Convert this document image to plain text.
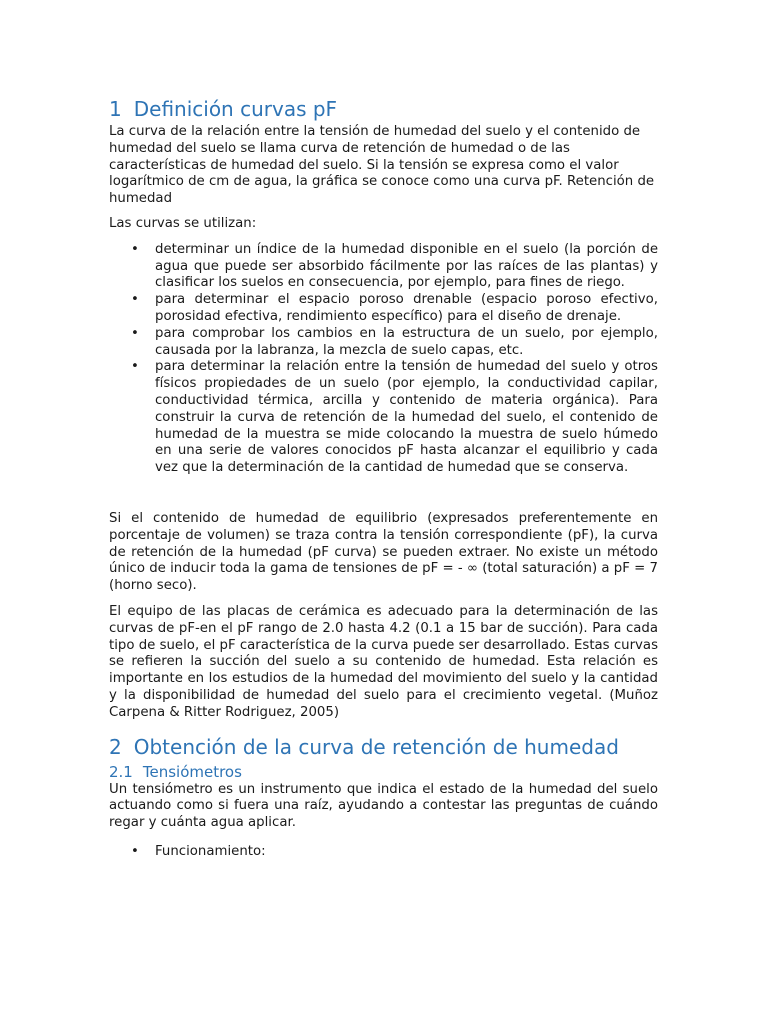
1 Definición curvas pF

La curva de la relación entre la tensión de humedad del suelo y el contenido de humedad del suelo se llama curva de retención de humedad o de las características de humedad del suelo. Si la tensión se expresa como el valor logarítmico de cm de agua, la gráfica se conoce como una curva pF. Retención de humedad

Las curvas se utilizan:

• determinar un índice de la humedad disponible en el suelo (la porción de agua que puede ser absorbido fácilmente por las raíces de las plantas) y clasificar los suelos en consecuencia, por ejemplo, para fines de riego.
• para determinar el espacio poroso drenable (espacio poroso efectivo, porosidad efectiva, rendimiento específico) para el diseño de drenaje.
• para comprobar los cambios en la estructura de un suelo, por ejemplo, causada por la labranza, la mezcla de suelo capas, etc.
• para determinar la relación entre la tensión de humedad del suelo y otros físicos propiedades de un suelo (por ejemplo, la conductividad capilar, conductividad térmica, arcilla y contenido de materia orgánica). Para construir la curva de retención de la humedad del suelo, el contenido de humedad de la muestra se mide colocando la muestra de suelo húmedo en una serie de valores conocidos pF hasta alcanzar el equilibrio y cada vez que la determinación de la cantidad de humedad que se conserva.

Si el contenido de humedad de equilibrio (expresados preferentemente en porcentaje de volumen) se traza contra la tensión correspondiente (pF), la curva de retención de la humedad (pF curva) se pueden extraer. No existe un método único de inducir toda la gama de tensiones de pF = - ∞ (total saturación) a pF = 7 (horno seco).

El equipo de las placas de cerámica es adecuado para la determinación de las curvas de pF-en el pF rango de 2.0 hasta 4.2 (0.1 a 15 bar de succión). Para cada tipo de suelo, el pF característica de la curva puede ser desarrollado. Estas curvas se refieren la succión del suelo a su contenido de humedad. Esta relación es importante en los estudios de la humedad del movimiento del suelo y la cantidad y la disponibilidad de humedad del suelo para el crecimiento vegetal. (Muñoz Carpena & Ritter Rodriguez, 2005)

2 Obtención de la curva de retención de humedad
2.1 Tensiómetros

Un tensiómetro es un instrumento que indica el estado de la humedad del suelo actuando como si fuera una raíz, ayudando a contestar las preguntas de cuándo regar y cuánta agua aplicar.

• Funcionamiento:
